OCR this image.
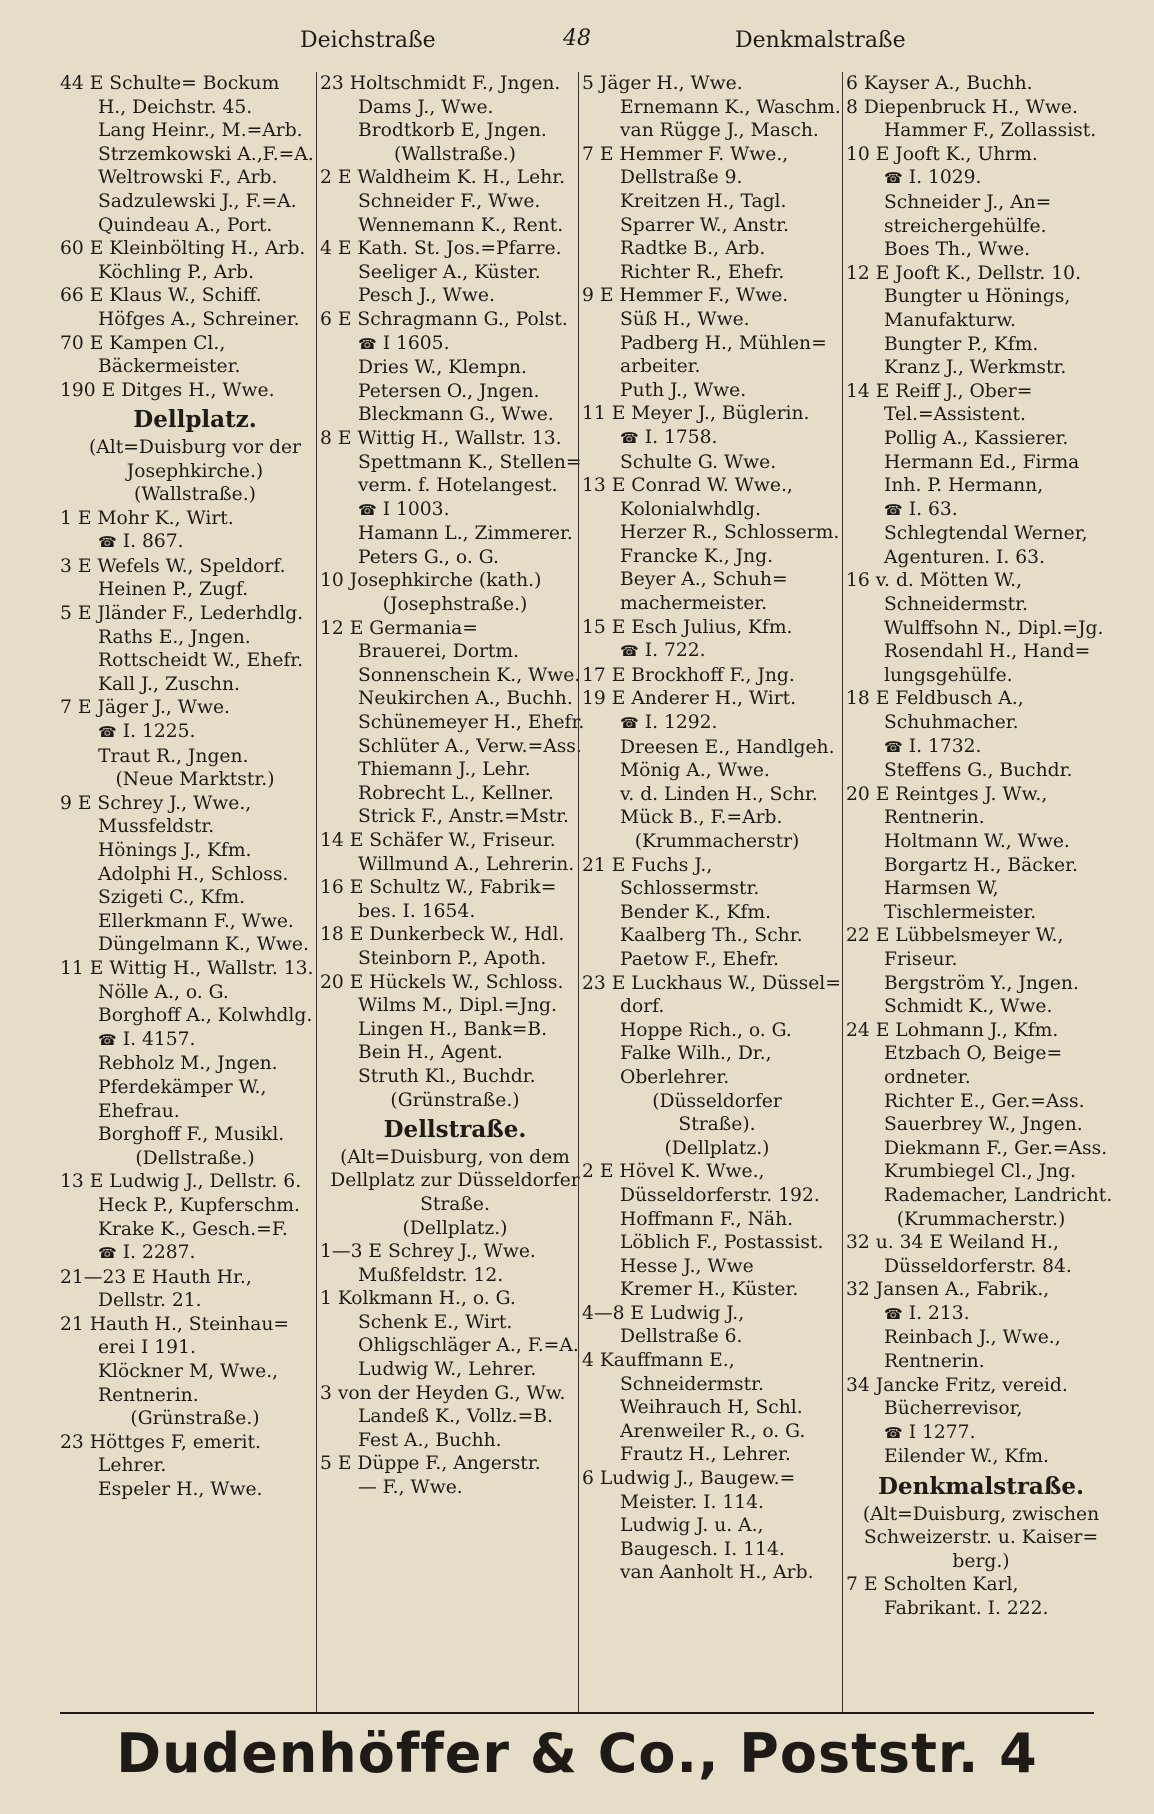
Deichstraße	48	Denkmalstraße
44 E Schulte= Bockum
H., Deichstr. 45.
Lang Heinr., M.=Arb.
Strzemkowski A.,F.=A.
Weltrowski F., Arb.
Sadzulewski J., F.=A.
Quindeau A., Port.
60 E Kleinbölting H., Arb.
Köchling P., Arb.
66 E Klaus W., Schiff.
Höfges A., Schreiner.
70 E Kampen Cl.,
Bäckermeister.
190 E Ditges H., Wwe.
Dellplatz.
(Alt=Duisburg vor der
Josephkirche.)
(Wallstraße.)
1 E Mohr K., Wirt.
☎ I. 867.
3 E Wefels W., Speldorf.
Heinen P., Zugf.
5 E Jländer F., Lederhdlg.
Raths E., Jngen.
Rottscheidt W., Ehefr.
Kall J., Zuschn.
7 E Jäger J., Wwe.
☎ I. 1225.
Traut R., Jngen.
(Neue Marktstr.)
9 E Schrey J., Wwe.,
Mussfeldstr.
Hönings J., Kfm.
Adolphi H., Schloss.
Szigeti C., Kfm.
Ellerkmann F., Wwe.
Düngelmann K., Wwe.
11 E Wittig H., Wallstr. 13.
Nölle A., o. G.
Borghoff A., Kolwhdlg.
☎ I. 4157.
Rebholz M., Jngen.
Pferdekämper W.,
Ehefrau.
Borghoff F., Musikl.
(Dellstraße.)
13 E Ludwig J., Dellstr. 6.
Heck P., Kupferschm.
Krake K., Gesch.=F.
☎ I. 2287.
21—23 E Hauth Hr.,
Dellstr. 21.
21 Hauth H., Steinhau=
erei I 191.
Klöckner M, Wwe.,
Rentnerin.
(Grünstraße.)
23 Höttges F, emerit.
Lehrer.
Espeler H., Wwe.
23 Holtschmidt F., Jngen.
Dams J., Wwe.
Brodtkorb E, Jngen.
(Wallstraße.)
2 E Waldheim K. H., Lehr.
Schneider F., Wwe.
Wennemann K., Rent.
4 E Kath. St. Jos.=Pfarre.
Seeliger A., Küster.
Pesch J., Wwe.
6 E Schragmann G., Polst.
☎ I 1605.
Dries W., Klempn.
Petersen O., Jngen.
Bleckmann G., Wwe.
8 E Wittig H., Wallstr. 13.
Spettmann K., Stellen=
verm. f. Hotelangest.
☎ I 1003.
Hamann L., Zimmerer.
Peters G., o. G.
10 Josephkirche (kath.)
(Josephstraße.)
12 E Germania=
Brauerei, Dortm.
Sonnenschein K., Wwe.
Neukirchen A., Buchh.
Schünemeyer H., Ehefr.
Schlüter A., Verw.=Ass.
Thiemann J., Lehr.
Robrecht L., Kellner.
Strick F., Anstr.=Mstr.
14 E Schäfer W., Friseur.
Willmund A., Lehrerin.
16 E Schultz W., Fabrik=
bes. I. 1654.
18 E Dunkerbeck W., Hdl.
Steinborn P., Apoth.
20 E Hückels W., Schloss.
Wilms M., Dipl.=Jng.
Lingen H., Bank=B.
Bein H., Agent.
Struth Kl., Buchdr.
(Grünstraße.)
Dellstraße.
(Alt=Duisburg, von dem
Dellplatz zur Düsseldorfer
Straße.
(Dellplatz.)
1—3 E Schrey J., Wwe.
Mußfeldstr. 12.
1 Kolkmann H., o. G.
Schenk E., Wirt.
Ohligschläger A., F.=A.
Ludwig W., Lehrer.
3 von der Heyden G., Ww.
Landeß K., Vollz.=B.
Fest A., Buchh.
5 E Düppe F., Angerstr.
— F., Wwe.
5 Jäger H., Wwe.
Ernemann K., Waschm.
van Rügge J., Masch.
7 E Hemmer F. Wwe.,
Dellstraße 9.
Kreitzen H., Tagl.
Sparrer W., Anstr.
Radtke B., Arb.
Richter R., Ehefr.
9 E Hemmer F., Wwe.
Süß H., Wwe.
Padberg H., Mühlen=
arbeiter.
Puth J., Wwe.
11 E Meyer J., Büglerin.
☎ I. 1758.
Schulte G. Wwe.
13 E Conrad W. Wwe.,
Kolonialwhdlg.
Herzer R., Schlosserm.
Francke K., Jng.
Beyer A., Schuh=
machermeister.
15 E Esch Julius, Kfm.
☎ I. 722.
17 E Brockhoff F., Jng.
19 E Anderer H., Wirt.
☎ I. 1292.
Dreesen E., Handlgeh.
Mönig A., Wwe.
v. d. Linden H., Schr.
Mück B., F.=Arb.
(Krummacherstr)
21 E Fuchs J.,
Schlossermstr.
Bender K., Kfm.
Kaalberg Th., Schr.
Paetow F., Ehefr.
23 E Luckhaus W., Düssel=
dorf.
Hoppe Rich., o. G.
Falke Wilh., Dr.,
Oberlehrer.
(Düsseldorfer
Straße).
(Dellplatz.)
2 E Hövel K. Wwe.,
Düsseldorferstr. 192.
Hoffmann F., Näh.
Löblich F., Postassist.
Hesse J., Wwe
Kremer H., Küster.
4—8 E Ludwig J.,
Dellstraße 6.
4 Kauffmann E.,
Schneidermstr.
Weihrauch H, Schl.
Arenweiler R., o. G.
Frautz H., Lehrer.
6 Ludwig J., Baugew.=
Meister. I. 114.
Ludwig J. u. A.,
Baugesch. I. 114.
van Aanholt H., Arb.
6 Kayser A., Buchh.
8 Diepenbruck H., Wwe.
Hammer F., Zollassist.
10 E Jooft K., Uhrm.
☎ I. 1029.
Schneider J., An=
streichergehülfe.
Boes Th., Wwe.
12 E Jooft K., Dellstr. 10.
Bungter u Hönings,
Manufakturw.
Bungter P., Kfm.
Kranz J., Werkmstr.
14 E Reiff J., Ober=
Tel.=Assistent.
Pollig A., Kassierer.
Hermann Ed., Firma
Inh. P. Hermann,
☎ I. 63.
Schlegtendal Werner,
Agenturen. I. 63.
16 v. d. Mötten W.,
Schneidermstr.
Wulffsohn N., Dipl.=Jg.
Rosendahl H., Hand=
lungsgehülfe.
18 E Feldbusch A.,
Schuhmacher.
☎ I. 1732.
Steffens G., Buchdr.
20 E Reintges J. Ww.,
Rentnerin.
Holtmann W., Wwe.
Borgartz H., Bäcker.
Harmsen W,
Tischlermeister.
22 E Lübbelsmeyer W.,
Friseur.
Bergström Y., Jngen.
Schmidt K., Wwe.
24 E Lohmann J., Kfm.
Etzbach O, Beige=
ordneter.
Richter E., Ger.=Ass.
Sauerbrey W., Jngen.
Diekmann F., Ger.=Ass.
Krumbiegel Cl., Jng.
Rademacher, Landricht.
(Krummacherstr.)
32 u. 34 E Weiland H.,
Düsseldorferstr. 84.
32 Jansen A., Fabrik.,
☎ I. 213.
Reinbach J., Wwe.,
Rentnerin.
34 Jancke Fritz, vereid.
Bücherrevisor,
☎ I 1277.
Eilender W., Kfm.
Denkmalstraße.
(Alt=Duisburg, zwischen
Schweizerstr. u. Kaiser=
berg.)
7 E Scholten Karl,
Fabrikant. I. 222.
Dudenhöffer & Co., Poststr. 4
